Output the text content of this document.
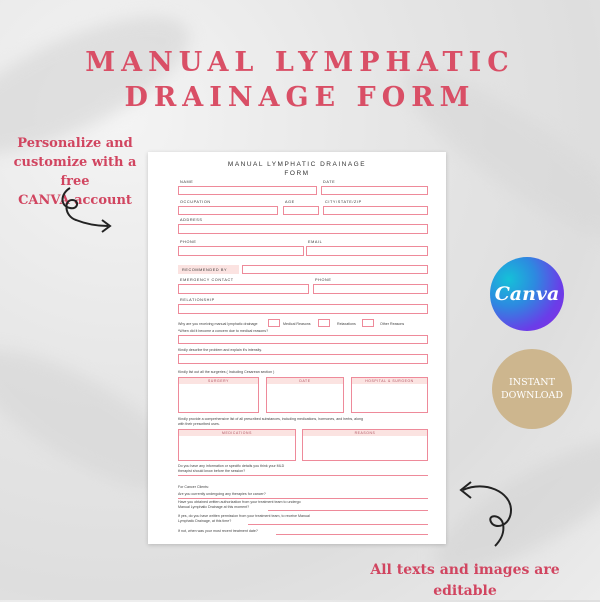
MANUAL LYMPHATIC
DRAINAGE FORM
Personalize and
customize with a free
CANVA account
Canva
INSTANT
DOWNLOAD
All texts and images are
editable
MANUAL LYMPHATIC DRAINAGE
FORM
NAME	DATE
OCCUPATION	AGE	CITY/STATE/ZIP
ADDRESS
PHONE	EMAIL
RECOMMENDED BY
EMERGENCY CONTACT	PHONE
RELATIONSHIP
Why are you receiving manual lymphatic drainage	Medical Reasons	Relaxations	Other Reasons
*When did it become a concern due to medical reasons?
Kindly describe the problem and explain it's intensity.
Kindly list out all the surgeries ( Including Cesarean section )
SURGERY	DATE	HOSPITAL & SURGEON
Kindly provide a comprehensive list of all prescribed substances, including medications, hormones, and herbs, along
with their prescribed uses.
MEDICATIONS	REASONS
Do you have any information or specific details you think your MLD
therapist should know before the session?
For Cancer Clients:
Are you currently undergoing any therapies for cancer?
Have you obtained written authorization from your treatment team to undergo
Manual Lymphatic Drainage at this moment?
If yes, do you have written permission from your treatment team, to receive Manual
Lymphatic Drainage, at this time?
If not, when was your most recent treatment date?
